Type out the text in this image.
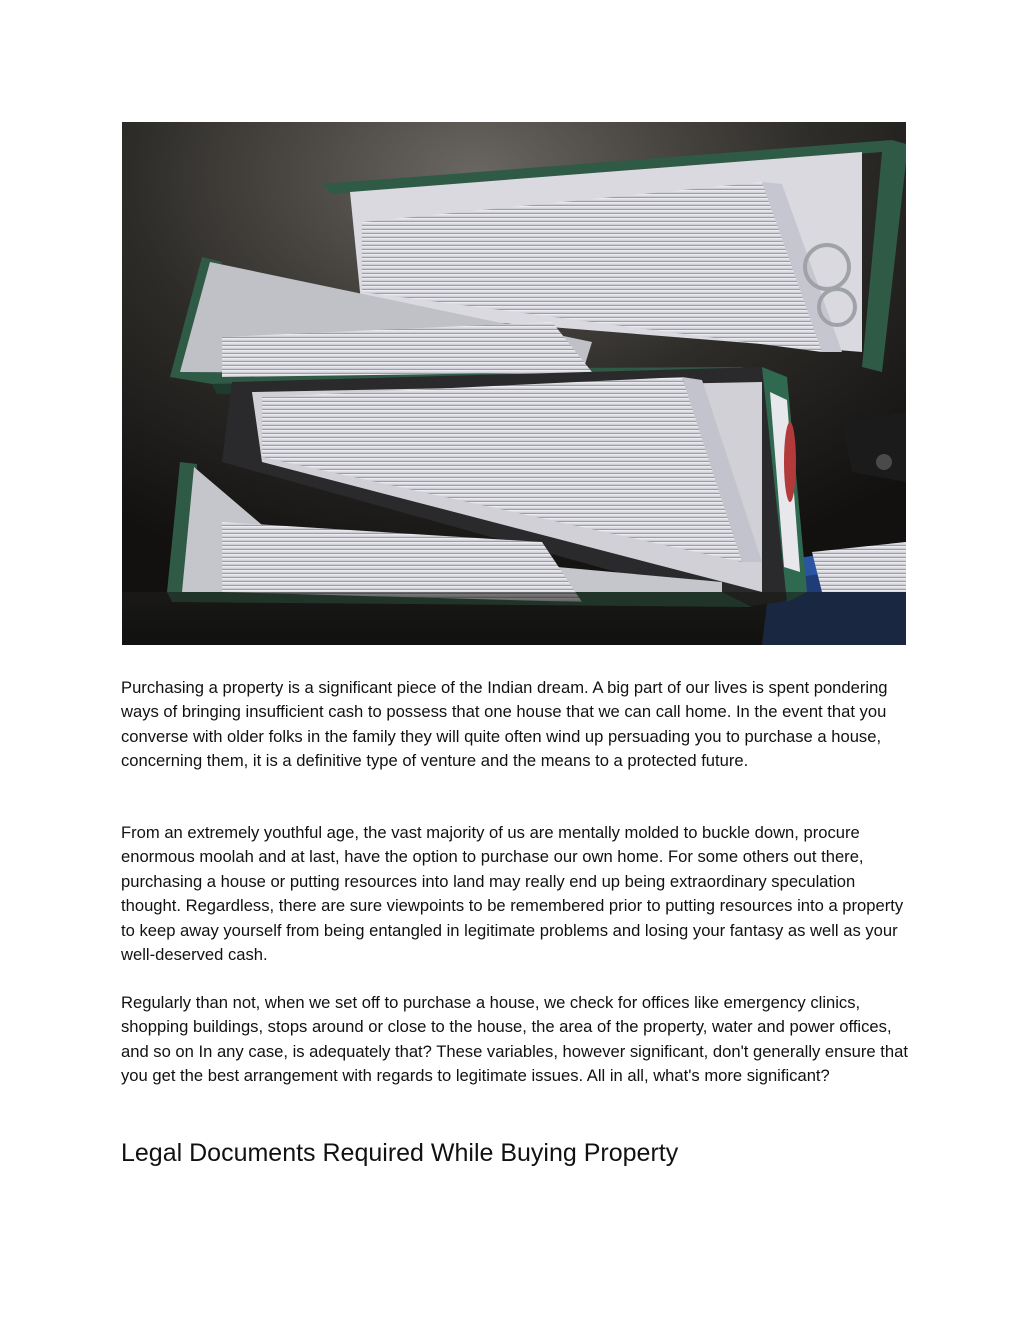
Purchasing a property is a significant piece of the Indian dream. A big part of our lives is spent pondering ways of bringing insufficient cash to possess that one house that we can call home. In the event that you converse with older folks in the family they will quite often wind up persuading you to purchase a house, concerning them, it is a definitive type of venture and the means to a protected future.

From an extremely youthful age, the vast majority of us are mentally molded to buckle down, procure enormous moolah and at last, have the option to purchase our own home. For some others out there, purchasing a house or putting resources into land may really end up being extraordinary speculation thought. Regardless, there are sure viewpoints to be remembered prior to putting resources into a property to keep away yourself from being entangled in legitimate problems and losing your fantasy as well as your well-deserved cash.

Regularly than not, when we set off to purchase a house, we check for offices like emergency clinics, shopping buildings, stops around or close to the house, the area of the property, water and power offices, and so on In any case, is adequately that? These variables, however significant, don't generally ensure that you get the best arrangement with regards to legitimate issues. All in all, what's more significant?

Legal Documents Required While Buying Property
